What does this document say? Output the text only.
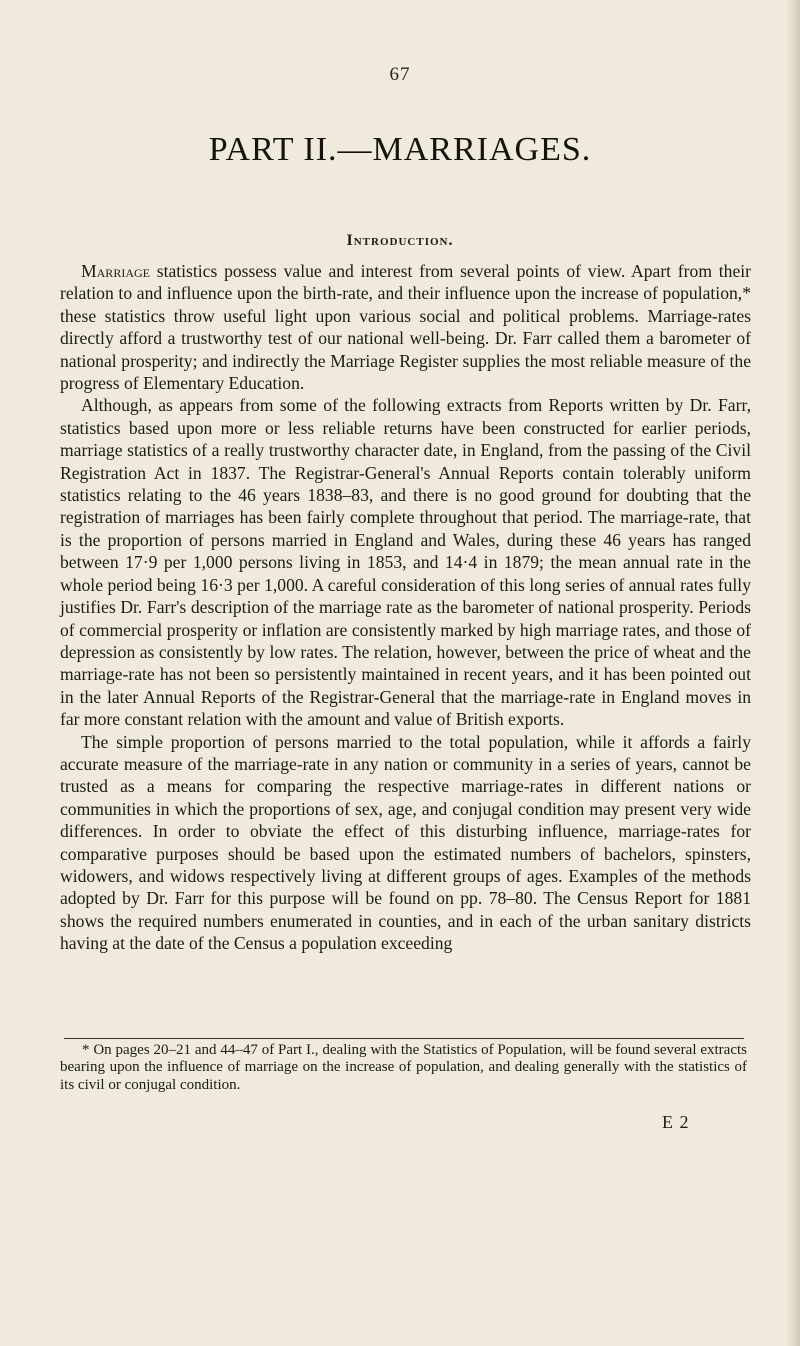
67
PART II.—MARRIAGES.
Introduction.

Marriage statistics possess value and interest from several points of view. Apart from their relation to and influence upon the birth-rate, and their influence upon the increase of population,* these statistics throw useful light upon various social and political problems. Marriage-rates directly afford a trustworthy test of our national well-being. Dr. Farr called them a barometer of national prosperity; and indirectly the Marriage Register supplies the most reliable measure of the progress of Elementary Education.

Although, as appears from some of the following extracts from Reports written by Dr. Farr, statistics based upon more or less reliable returns have been constructed for earlier periods, marriage statistics of a really trustworthy character date, in England, from the passing of the Civil Registration Act in 1837. The Registrar-General's Annual Reports contain tolerably uniform statistics relating to the 46 years 1838–83, and there is no good ground for doubting that the registration of marriages has been fairly complete throughout that period. The marriage-rate, that is the proportion of persons married in England and Wales, during these 46 years has ranged between 17·9 per 1,000 persons living in 1853, and 14·4 in 1879; the mean annual rate in the whole period being 16·3 per 1,000. A careful consideration of this long series of annual rates fully justifies Dr. Farr's description of the marriage rate as the barometer of national prosperity. Periods of commercial prosperity or inflation are consistently marked by high marriage rates, and those of depression as consistently by low rates. The relation, however, between the price of wheat and the marriage-rate has not been so persistently maintained in recent years, and it has been pointed out in the later Annual Reports of the Registrar-General that the marriage-rate in England moves in far more constant relation with the amount and value of British exports.

The simple proportion of persons married to the total population, while it affords a fairly accurate measure of the marriage-rate in any nation or community in a series of years, cannot be trusted as a means for comparing the respective marriage-rates in different nations or communities in which the proportions of sex, age, and conjugal condition may present very wide differences. In order to obviate the effect of this disturbing influence, marriage-rates for comparative purposes should be based upon the estimated numbers of bachelors, spinsters, widowers, and widows respectively living at different groups of ages. Examples of the methods adopted by Dr. Farr for this purpose will be found on pp. 78–80. The Census Report for 1881 shows the required numbers enumerated in counties, and in each of the urban sanitary districts having at the date of the Census a population exceeding

* On pages 20–21 and 44–47 of Part I., dealing with the Statistics of Population, will be found several extracts bearing upon the influence of marriage on the increase of population, and dealing generally with the statistics of its civil or conjugal condition.

E 2
